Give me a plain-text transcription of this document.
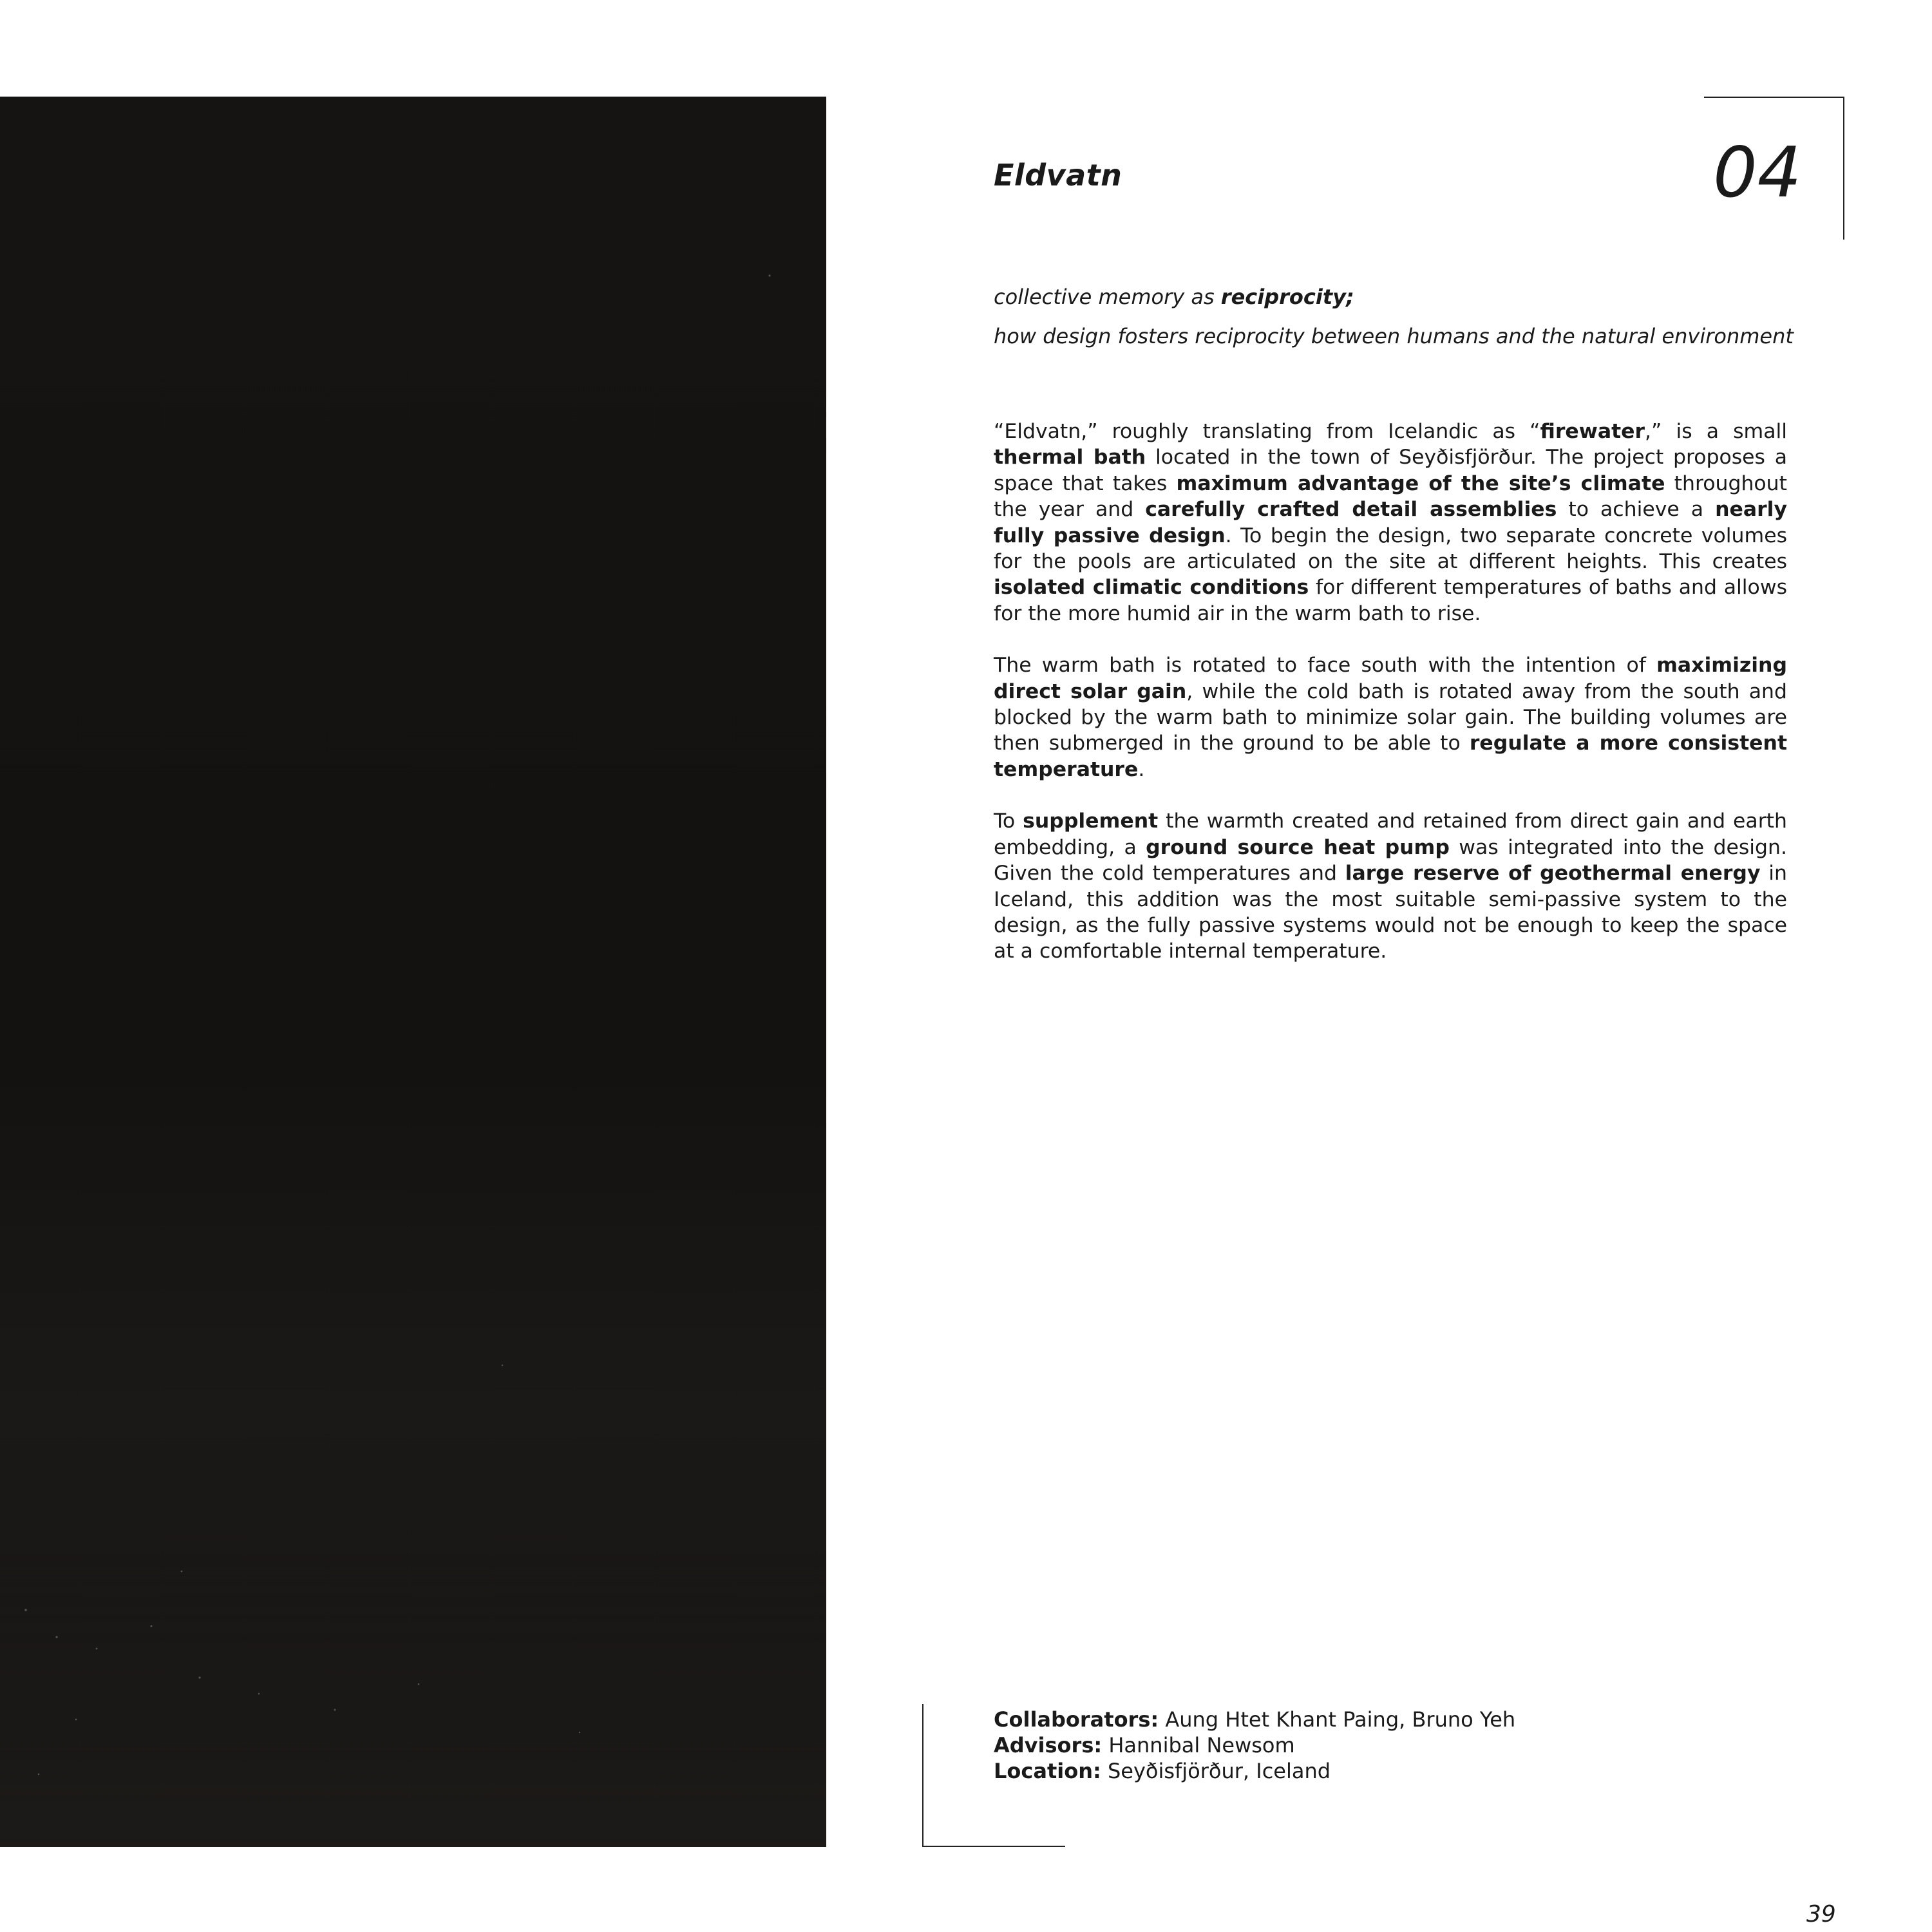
Eldvatn	04

collective memory as reciprocity;

how design fosters reciprocity between humans and the natural environment

“Eldvatn,” roughly translating from Icelandic as “firewater,” is a small thermal bath located in the town of Seyðisfjörður. The project proposes a space that takes maximum advantage of the site’s climate throughout the year and carefully crafted detail assemblies to achieve a nearly fully passive design. To begin the design, two separate concrete volumes for the pools are articulated on the site at different heights. This creates isolated climatic conditions for different temperatures of baths and allows for the more humid air in the warm bath to rise.

The warm bath is rotated to face south with the intention of maximizing direct solar gain, while the cold bath is rotated away from the south and blocked by the warm bath to minimize solar gain. The building volumes are then submerged in the ground to be able to regulate a more consistent temperature.

To supplement the warmth created and retained from direct gain and earth embedding, a ground source heat pump was integrated into the design. Given the cold temperatures and large reserve of geothermal energy in Iceland, this addition was the most suitable semi-passive system to the design, as the fully passive systems would not be enough to keep the space at a comfortable internal temperature.

Collaborators: Aung Htet Khant Paing, Bruno Yeh
Advisors: Hannibal Newsom
Location: Seyðisfjörður, Iceland
39
